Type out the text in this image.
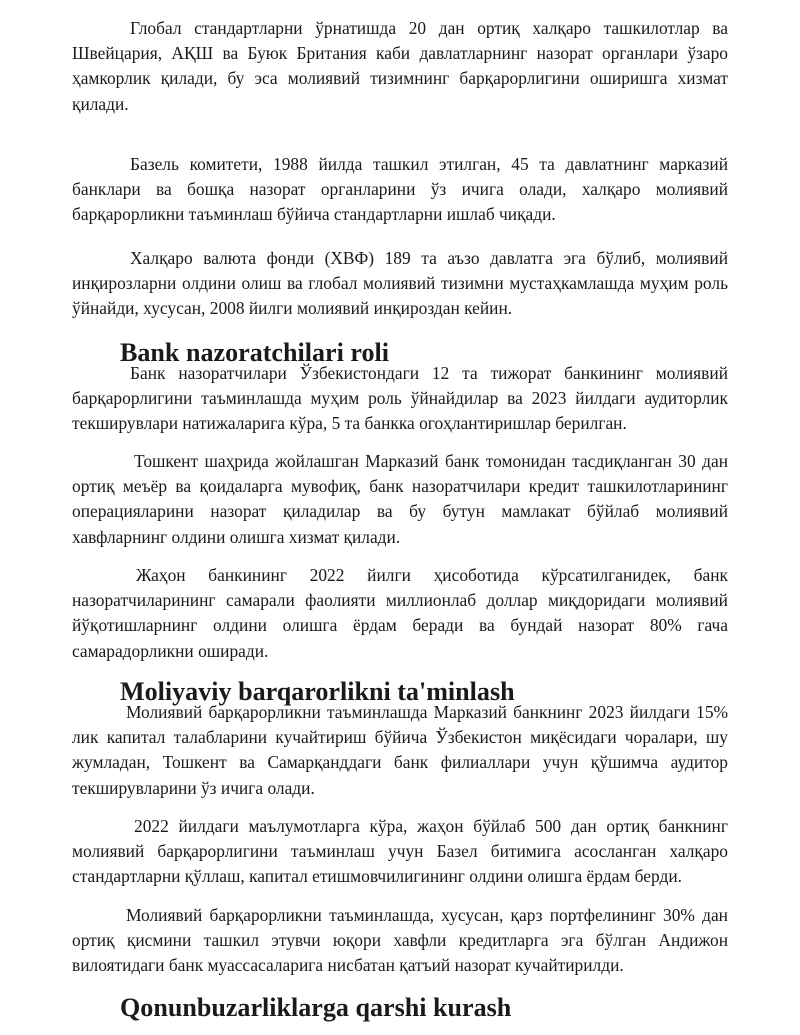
Глобал стандартларни ўрнатишда 20 дан ортиқ халқаро ташкилотлар ва Швейцария, АҚШ ва Буюк Британия каби давлатларнинг назорат органлари ўзаро ҳамкорлик қилади, бу эса молиявий тизимнинг барқарорлигини оширишга хизмат қилади.

Базель комитети, 1988 йилда ташкил этилган, 45 та давлатнинг марказий банклари ва бошқа назорат органларини ўз ичига олади, халқаро молиявий барқарорликни таъминлаш бўйича стандартларни ишлаб чиқади.

Халқаро валюта фонди (ХВФ) 189 та аъзо давлатга эга бўлиб, молиявий инқирозларни олдини олиш ва глобал молиявий тизимни мустаҳкамлашда муҳим роль ўйнайди, хусусан, 2008 йилги молиявий инқироздан кейин.

Bank nazoratchilari roli

Банк назоратчилари Ўзбекистондаги 12 та тижорат банкининг молиявий барқарорлигини таъминлашда муҳим роль ўйнайдилар ва 2023 йилдаги аудиторлик текширувлари натижаларига кўра, 5 та банкка огоҳлантиришлар берилган.

Тошкент шаҳрида жойлашган Марказий банк томонидан тасдиқланган 30 дан ортиқ меъёр ва қоидаларга мувофиқ, банк назоратчилари кредит ташкилотларининг операцияларини назорат қиладилар ва бу бутун мамлакат бўйлаб молиявий хавфларнинг олдини олишга хизмат қилади.

Жаҳон банкининг 2022 йилги ҳисоботида кўрсатилганидек, банк назоратчиларининг самарали фаолияти миллионлаб доллар миқдоридаги молиявий йўқотишларнинг олдини олишга ёрдам беради ва бундай назорат 80% гача самарадорликни оширади.

Moliyaviy barqarorlikni ta'minlash

Молиявий барқарорликни таъминлашда Марказий банкнинг 2023 йилдаги 15% лик капитал талабларини кучайтириш бўйича Ўзбекистон миқёсидаги чоралари, шу жумладан, Тошкент ва Самарқанддаги банк филиаллари учун қўшимча аудитор текширувларини ўз ичига олади.

2022 йилдаги маълумотларга кўра, жаҳон бўйлаб 500 дан ортиқ банкнинг молиявий барқарорлигини таъминлаш учун Базел битимига асосланган халқаро стандартларни қўллаш, капитал етишмовчилигининг олдини олишга ёрдам берди.

Молиявий барқарорликни таъминлашда, хусусан, қарз портфелининг 30% дан ортиқ қисмини ташкил этувчи юқори хавфли кредитларга эга бўлган Андижон вилоятидаги банк муассасаларига нисбатан қатъий назорат кучайтирилди.

Qonunbuzarliklarga qarshi kurash
